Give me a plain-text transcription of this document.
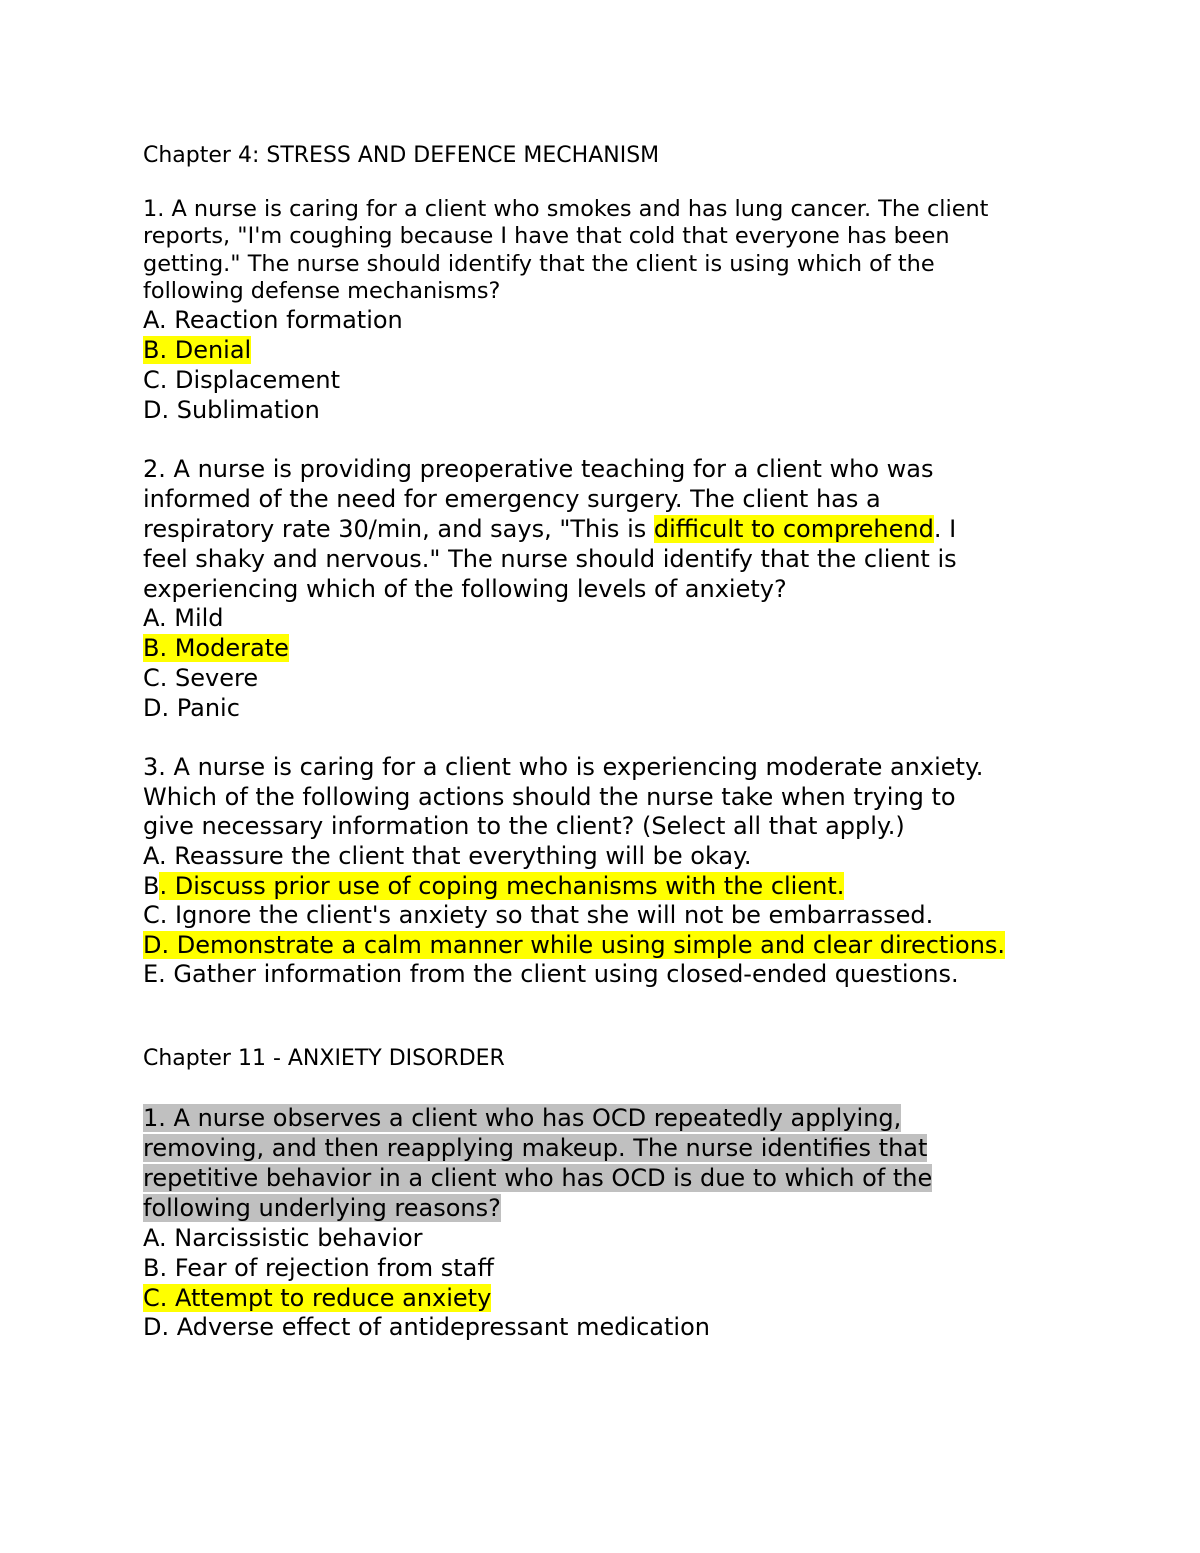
Chapter 4: STRESS AND DEFENCE MECHANISM
1. A nurse is caring for a client who smokes and has lung cancer. The client
reports, "I'm coughing because I have that cold that everyone has been
getting." The nurse should identify that the client is using which of the
following defense mechanisms?
A. Reaction formation
B. Denial
C. Displacement
D. Sublimation
2. A nurse is providing preoperative teaching for a client who was
informed of the need for emergency surgery. The client has a
respiratory rate 30/min, and says, "This is difficult to comprehend. I
feel shaky and nervous." The nurse should identify that the client is
experiencing which of the following levels of anxiety?
A. Mild
B. Moderate
C. Severe
D. Panic
3. A nurse is caring for a client who is experiencing moderate anxiety.
Which of the following actions should the nurse take when trying to
give necessary information to the client? (Select all that apply.)
A. Reassure the client that everything will be okay.
B. Discuss prior use of coping mechanisms with the client.
C. Ignore the client's anxiety so that she will not be embarrassed.
D. Demonstrate a calm manner while using simple and clear directions.
E. Gather information from the client using closed-ended questions.
Chapter 11 - ANXIETY DISORDER
1. A nurse observes a client who has OCD repeatedly applying,
removing, and then reapplying makeup. The nurse identifies that
repetitive behavior in a client who has OCD is due to which of the
following underlying reasons?
A. Narcissistic behavior
B. Fear of rejection from staff
C. Attempt to reduce anxiety
D. Adverse effect of antidepressant medication
